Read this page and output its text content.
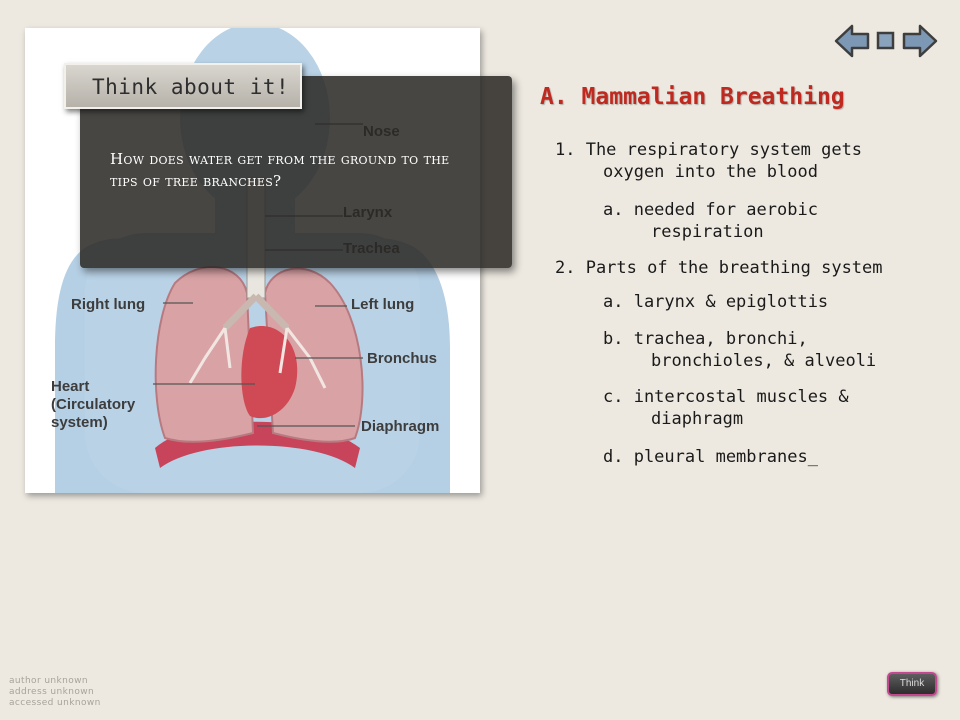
Right lung	Left lung
Bronchus
Heart
(Circulatory
system)	Diaphragm
How does water get from the ground to the tips of tree branches?
Think about it!	A. Mammalian Breathing
1. The respiratory system gets
oxygen into the blood
a. needed for aerobic
respiration
2. Parts of the breathing system
a. larynx & epiglottis
b. trachea, bronchi,
bronchioles, & alveoli
c. intercostal muscles &
diaphragm
d. pleural membranes_
author unknown
address unknown
accessed unknown
Think
